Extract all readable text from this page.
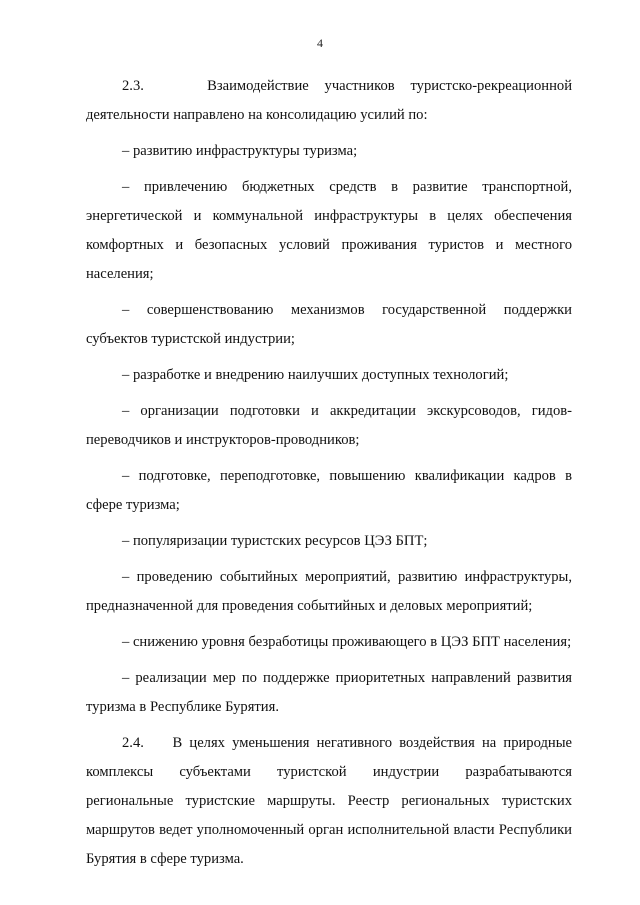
4

2.3.    Взаимодействие участников туристско-рекреационной деятельности направлено на консолидацию усилий по:

– развитию инфраструктуры туризма;

– привлечению бюджетных средств в развитие транспортной, энергетической и коммунальной инфраструктуры в целях обеспечения комфортных и безопасных условий проживания туристов и местного населения;

– совершенствованию механизмов государственной поддержки субъектов туристской индустрии;

– разработке и внедрению наилучших доступных технологий;

– организации подготовки и аккредитации экскурсоводов, гидов-переводчиков и инструкторов-проводников;

– подготовке, переподготовке, повышению квалификации кадров в сфере туризма;

– популяризации туристских ресурсов ЦЭЗ БПТ;

– проведению событийных мероприятий, развитию инфраструктуры, предназначенной для проведения событийных и деловых мероприятий;

– снижению уровня безработицы проживающего в ЦЭЗ БПТ населения;

– реализации мер по поддержке приоритетных направлений развития туризма в Республике Бурятия.

2.4.    В целях уменьшения негативного воздействия на природные комплексы субъектами туристской индустрии разрабатываются региональные туристские маршруты. Реестр региональных туристских маршрутов ведет уполномоченный орган исполнительной власти Республики Бурятия в сфере туризма.
